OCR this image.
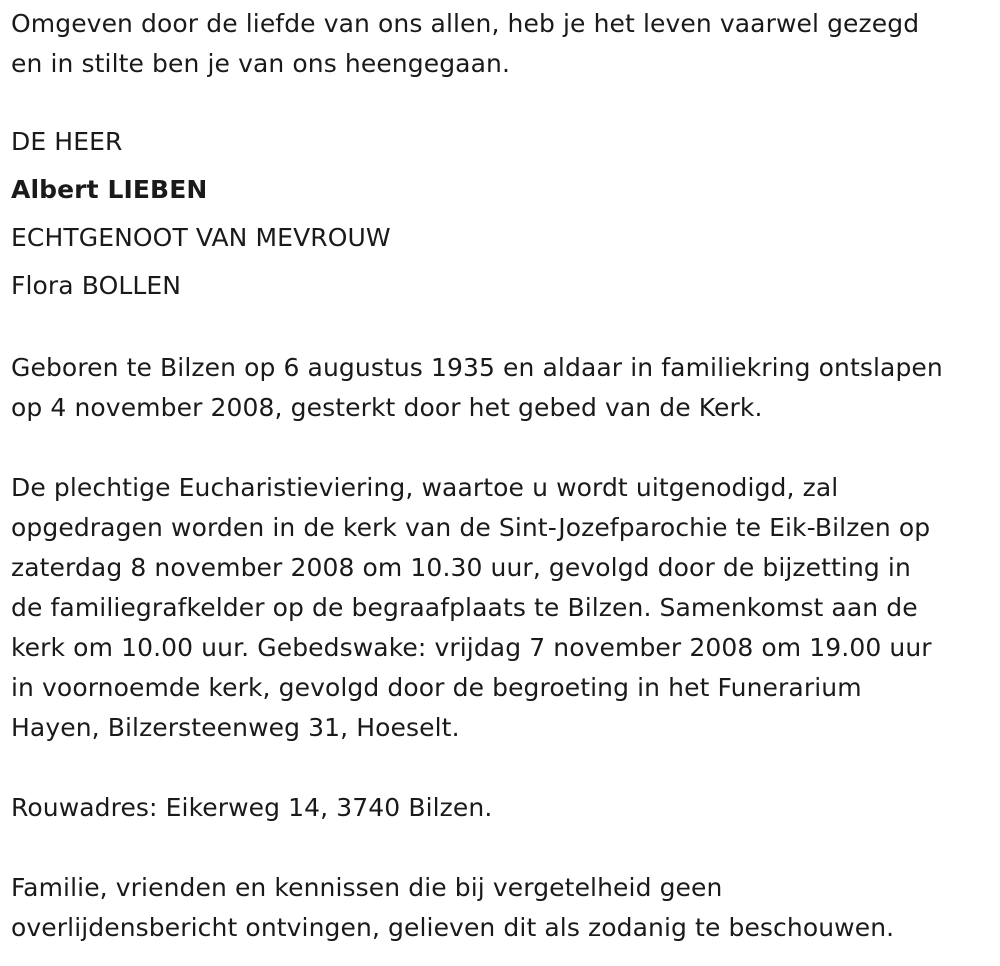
Omgeven door de liefde van ons allen, heb je het leven vaarwel gezegd
en in stilte ben je van ons heengegaan.

DE HEER
Albert LIEBEN
ECHTGENOOT VAN MEVROUW
Flora BOLLEN

Geboren te Bilzen op 6 augustus 1935 en aldaar in familiekring ontslapen
op 4 november 2008, gesterkt door het gebed van de Kerk.

De plechtige Eucharistieviering, waartoe u wordt uitgenodigd, zal
opgedragen worden in de kerk van de Sint-Jozefparochie te Eik-Bilzen op
zaterdag 8 november 2008 om 10.30 uur, gevolgd door de bijzetting in
de familiegrafkelder op de begraafplaats te Bilzen. Samenkomst aan de
kerk om 10.00 uur. Gebedswake: vrijdag 7 november 2008 om 19.00 uur
in voornoemde kerk, gevolgd door de begroeting in het Funerarium
Hayen, Bilzersteenweg 31, Hoeselt.

Rouwadres: Eikerweg 14, 3740 Bilzen.

Familie, vrienden en kennissen die bij vergetelheid geen
overlijdensbericht ontvingen, gelieven dit als zodanig te beschouwen.
